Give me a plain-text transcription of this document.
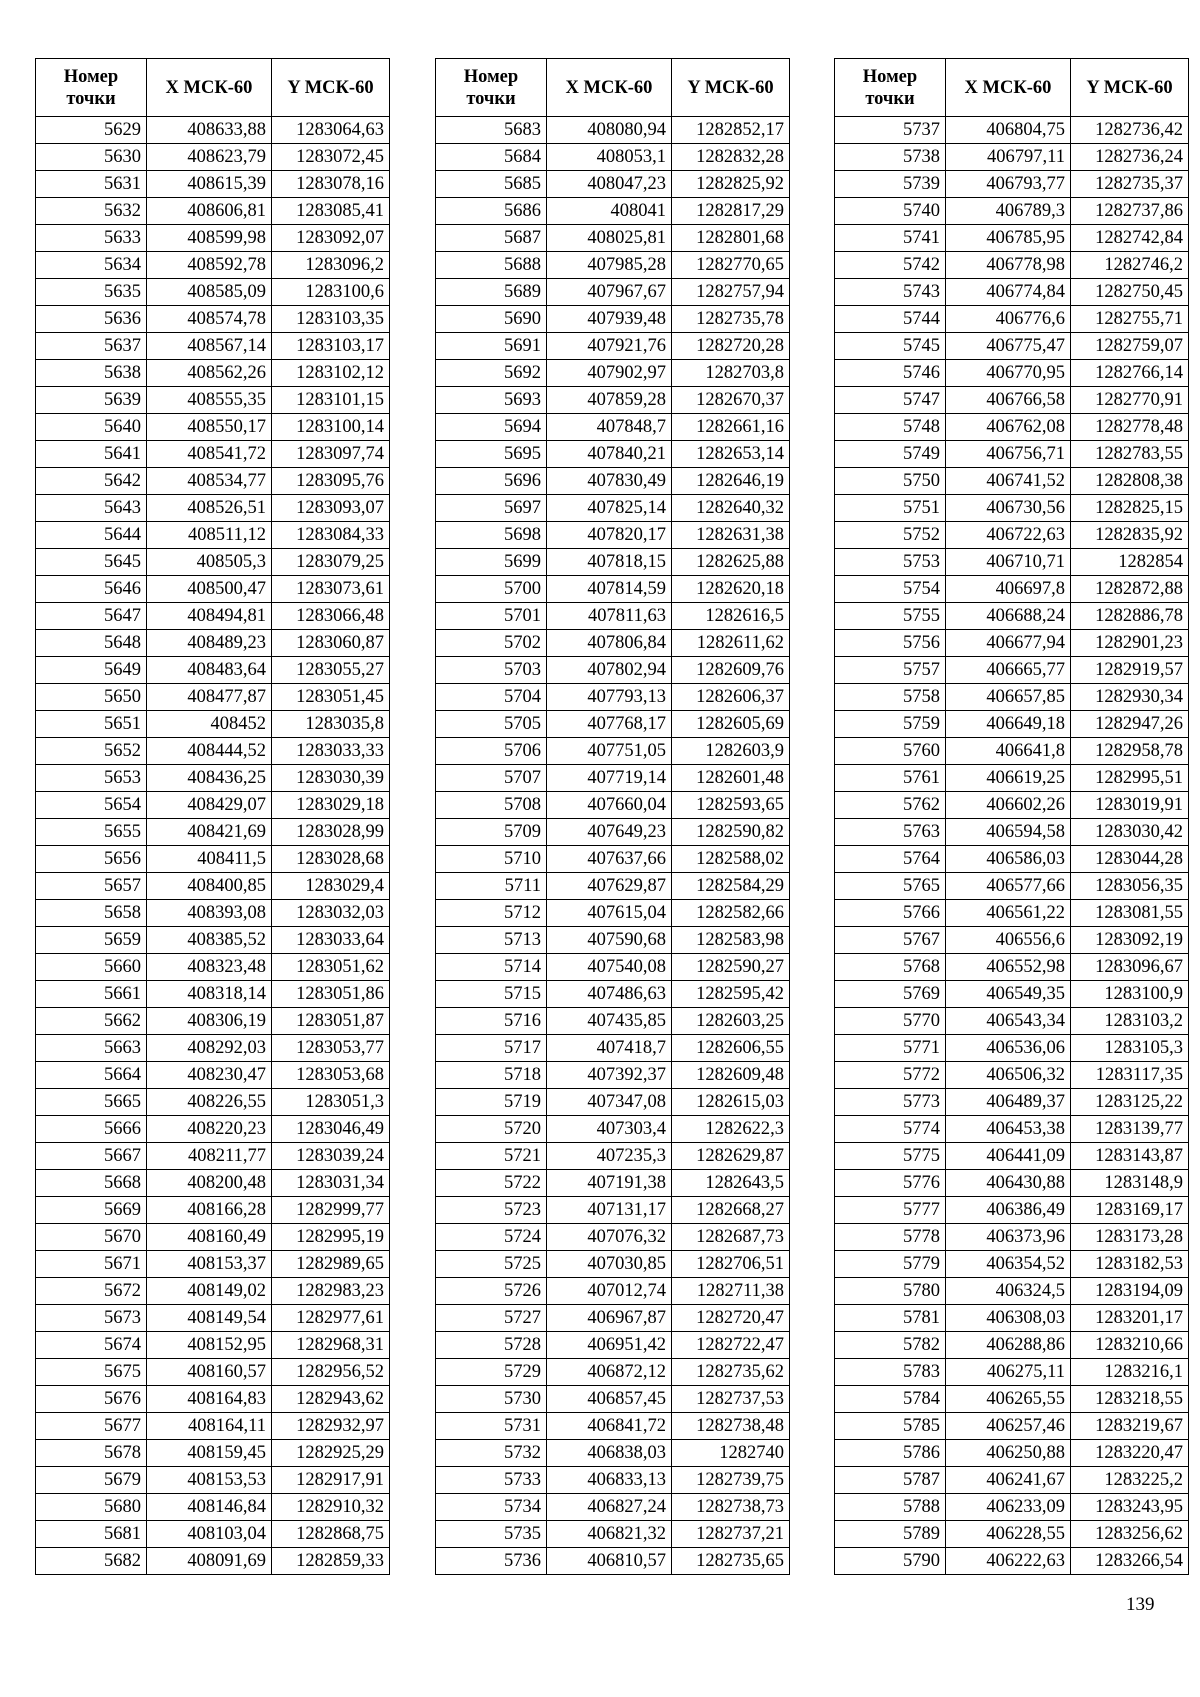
Номер точки	X МСК-60	Y МСК-60
5629	408633,88	1283064,63
5630	408623,79	1283072,45
5631	408615,39	1283078,16
5632	408606,81	1283085,41
5633	408599,98	1283092,07
5634	408592,78	1283096,2
5635	408585,09	1283100,6
5636	408574,78	1283103,35
5637	408567,14	1283103,17
5638	408562,26	1283102,12
5639	408555,35	1283101,15
5640	408550,17	1283100,14
5641	408541,72	1283097,74
5642	408534,77	1283095,76
5643	408526,51	1283093,07
5644	408511,12	1283084,33
5645	408505,3	1283079,25
5646	408500,47	1283073,61
5647	408494,81	1283066,48
5648	408489,23	1283060,87
5649	408483,64	1283055,27
5650	408477,87	1283051,45
5651	408452	1283035,8
5652	408444,52	1283033,33
5653	408436,25	1283030,39
5654	408429,07	1283029,18
5655	408421,69	1283028,99
5656	408411,5	1283028,68
5657	408400,85	1283029,4
5658	408393,08	1283032,03
5659	408385,52	1283033,64
5660	408323,48	1283051,62
5661	408318,14	1283051,86
5662	408306,19	1283051,87
5663	408292,03	1283053,77
5664	408230,47	1283053,68
5665	408226,55	1283051,3
5666	408220,23	1283046,49
5667	408211,77	1283039,24
5668	408200,48	1283031,34
5669	408166,28	1282999,77
5670	408160,49	1282995,19
5671	408153,37	1282989,65
5672	408149,02	1282983,23
5673	408149,54	1282977,61
5674	408152,95	1282968,31
5675	408160,57	1282956,52
5676	408164,83	1282943,62
5677	408164,11	1282932,97
5678	408159,45	1282925,29
5679	408153,53	1282917,91
5680	408146,84	1282910,32
5681	408103,04	1282868,75
5682	408091,69	1282859,33
Номер точки	X МСК-60	Y МСК-60
5683	408080,94	1282852,17
5684	408053,1	1282832,28
5685	408047,23	1282825,92
5686	408041	1282817,29
5687	408025,81	1282801,68
5688	407985,28	1282770,65
5689	407967,67	1282757,94
5690	407939,48	1282735,78
5691	407921,76	1282720,28
5692	407902,97	1282703,8
5693	407859,28	1282670,37
5694	407848,7	1282661,16
5695	407840,21	1282653,14
5696	407830,49	1282646,19
5697	407825,14	1282640,32
5698	407820,17	1282631,38
5699	407818,15	1282625,88
5700	407814,59	1282620,18
5701	407811,63	1282616,5
5702	407806,84	1282611,62
5703	407802,94	1282609,76
5704	407793,13	1282606,37
5705	407768,17	1282605,69
5706	407751,05	1282603,9
5707	407719,14	1282601,48
5708	407660,04	1282593,65
5709	407649,23	1282590,82
5710	407637,66	1282588,02
5711	407629,87	1282584,29
5712	407615,04	1282582,66
5713	407590,68	1282583,98
5714	407540,08	1282590,27
5715	407486,63	1282595,42
5716	407435,85	1282603,25
5717	407418,7	1282606,55
5718	407392,37	1282609,48
5719	407347,08	1282615,03
5720	407303,4	1282622,3
5721	407235,3	1282629,87
5722	407191,38	1282643,5
5723	407131,17	1282668,27
5724	407076,32	1282687,73
5725	407030,85	1282706,51
5726	407012,74	1282711,38
5727	406967,87	1282720,47
5728	406951,42	1282722,47
5729	406872,12	1282735,62
5730	406857,45	1282737,53
5731	406841,72	1282738,48
5732	406838,03	1282740
5733	406833,13	1282739,75
5734	406827,24	1282738,73
5735	406821,32	1282737,21
5736	406810,57	1282735,65
Номер точки	X МСК-60	Y МСК-60
5737	406804,75	1282736,42
5738	406797,11	1282736,24
5739	406793,77	1282735,37
5740	406789,3	1282737,86
5741	406785,95	1282742,84
5742	406778,98	1282746,2
5743	406774,84	1282750,45
5744	406776,6	1282755,71
5745	406775,47	1282759,07
5746	406770,95	1282766,14
5747	406766,58	1282770,91
5748	406762,08	1282778,48
5749	406756,71	1282783,55
5750	406741,52	1282808,38
5751	406730,56	1282825,15
5752	406722,63	1282835,92
5753	406710,71	1282854
5754	406697,8	1282872,88
5755	406688,24	1282886,78
5756	406677,94	1282901,23
5757	406665,77	1282919,57
5758	406657,85	1282930,34
5759	406649,18	1282947,26
5760	406641,8	1282958,78
5761	406619,25	1282995,51
5762	406602,26	1283019,91
5763	406594,58	1283030,42
5764	406586,03	1283044,28
5765	406577,66	1283056,35
5766	406561,22	1283081,55
5767	406556,6	1283092,19
5768	406552,98	1283096,67
5769	406549,35	1283100,9
5770	406543,34	1283103,2
5771	406536,06	1283105,3
5772	406506,32	1283117,35
5773	406489,37	1283125,22
5774	406453,38	1283139,77
5775	406441,09	1283143,87
5776	406430,88	1283148,9
5777	406386,49	1283169,17
5778	406373,96	1283173,28
5779	406354,52	1283182,53
5780	406324,5	1283194,09
5781	406308,03	1283201,17
5782	406288,86	1283210,66
5783	406275,11	1283216,1
5784	406265,55	1283218,55
5785	406257,46	1283219,67
5786	406250,88	1283220,47
5787	406241,67	1283225,2
5788	406233,09	1283243,95
5789	406228,55	1283256,62
5790	406222,63	1283266,54
139
